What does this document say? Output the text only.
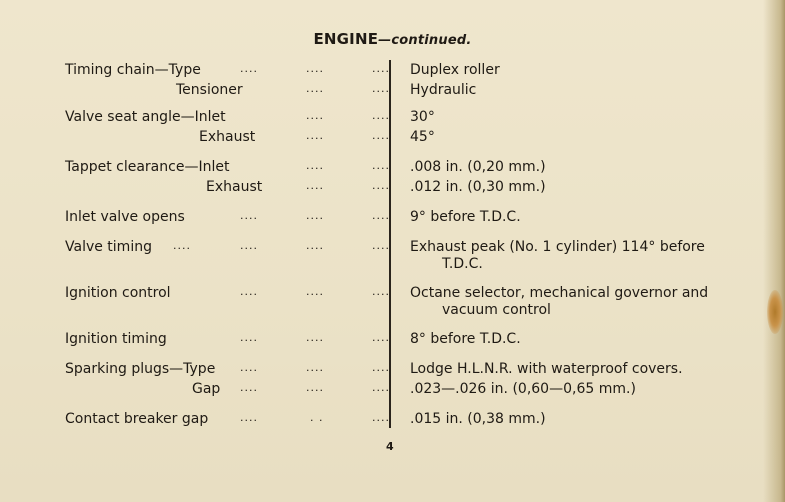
ENGINE—continued.
Timing chain—Type	....	....	.... Duplex roller
Tensioner	....	.... Hydraulic
Valve seat angle—Inlet	....	.... 30°
Exhaust	....	.... 45°
Tappet clearance—Inlet	....	.... .008 in. (0,20 mm.)
Exhaust	....	.... .012 in. (0,30 mm.)
Inlet valve opens	....	....	.... 9° before T.D.C.
Valve timing ....	....	....	.... Exhaust peak (No. 1 cylinder) 114° before
T.D.C.
Ignition control	....	....	.... Octane selector, mechanical governor and
vacuum control
Ignition timing	....	....	.... 8° before T.D.C.
Sparking plugs—Type ....	....	.... Lodge H.L.N.R. with waterproof covers.
Gap ....	....	.... .023—.026 in. (0,60—0,65 mm.)
Contact breaker gap	....	. .	.... .015 in. (0,38 mm.)
4
